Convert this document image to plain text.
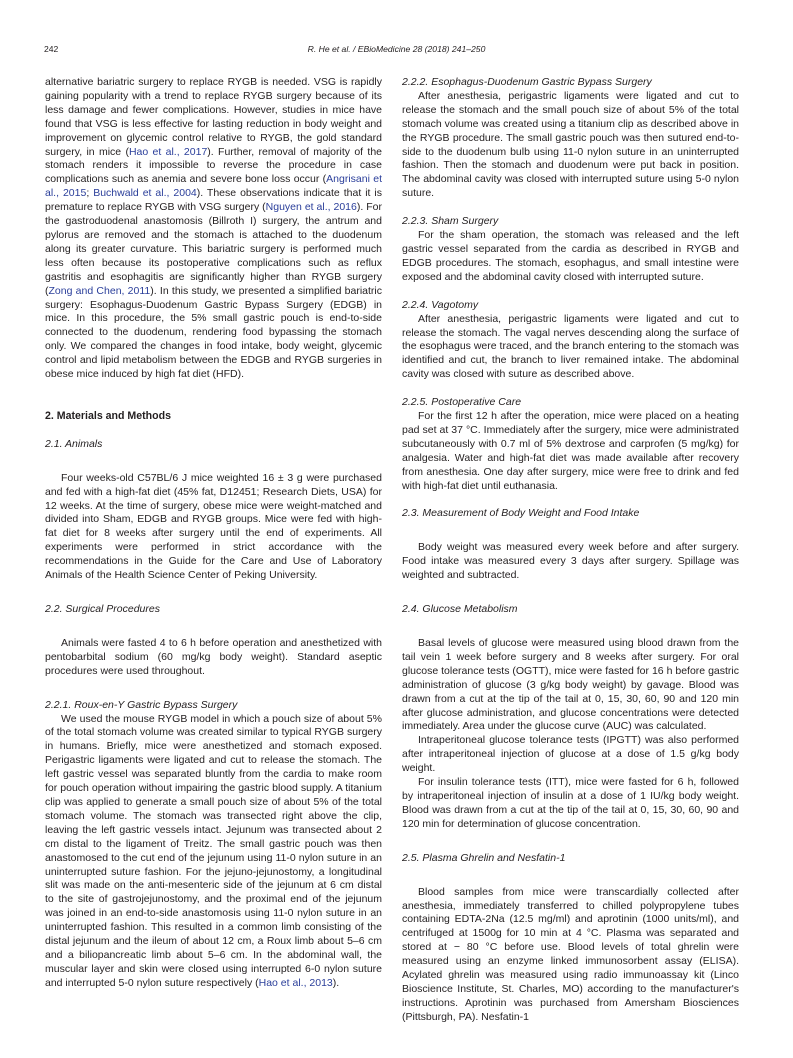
242	R. He et al. / EBioMedicine 28 (2018) 241–250

alternative bariatric surgery to replace RYGB is needed. VSG is rapidly gaining popularity with a trend to replace RYGB surgery because of its less damage and fewer complications. However, studies in mice have found that VSG is less effective for lasting reduction in body weight and improvement on glycemic control relative to RYGB, the gold standard surgery, in mice (Hao et al., 2017). Further, removal of majority of the stomach renders it impossible to reverse the procedure in case complications such as anemia and severe bone loss occur (Angrisani et al., 2015; Buchwald et al., 2004). These observations indicate that it is premature to replace RYGB with VSG surgery (Nguyen et al., 2016). For the gastroduodenal anastomosis (Billroth I) surgery, the antrum and pylorus are removed and the stomach is attached to the duodenum along its greater curvature. This bariatric surgery is performed much less often because its postoperative complications such as reflux gastritis and esophagitis are significantly higher than RYGB surgery (Zong and Chen, 2011). In this study, we presented a simplified bariatric surgery: Esophagus-Duodenum Gastric Bypass Surgery (EDGB) in mice. In this procedure, the 5% small gastric pouch is end-to-side connected to the duodenum, rendering food bypassing the stomach only. We compared the changes in food intake, body weight, glycemic control and lipid metabolism between the EDGB and RYGB surgeries in obese mice induced by high fat diet (HFD).

2. Materials and Methods

2.1. Animals

Four weeks-old C57BL/6 J mice weighted 16 ± 3 g were purchased and fed with a high-fat diet (45% fat, D12451; Research Diets, USA) for 12 weeks. At the time of surgery, obese mice were weight-matched and divided into Sham, EDGB and RYGB groups. Mice were fed with high-fat diet for 8 weeks after surgery until the end of experiments. All experiments were performed in strict accordance with the recommendations in the Guide for the Care and Use of Laboratory Animals of the Health Science Center of Peking University.

2.2. Surgical Procedures

Animals were fasted 4 to 6 h before operation and anesthetized with pentobarbital sodium (60 mg/kg body weight). Standard aseptic procedures were used throughout.

2.2.1. Roux-en-Y Gastric Bypass Surgery

We used the mouse RYGB model in which a pouch size of about 5% of the total stomach volume was created similar to typical RYGB surgery in humans. Briefly, mice were anesthetized and stomach exposed. Perigastric ligaments were ligated and cut to release the stomach. The left gastric vessel was separated bluntly from the cardia to make room for pouch operation without impairing the gastric blood supply. A titanium clip was applied to generate a small pouch size of about 5% of the total stomach volume. The stomach was transected right above the clip, leaving the left gastric vessels intact. Jejunum was transected about 2 cm distal to the ligament of Treitz. The small gastric pouch was then anastomosed to the cut end of the jejunum using 11-0 nylon suture in an uninterrupted suture fashion. For the jejuno-jejunostomy, a longitudinal slit was made on the anti-mesenteric side of the jejunum at 6 cm distal to the site of gastrojejunostomy, and the proximal end of the jejunum was joined in an end-to-side anastomosis using 11-0 nylon suture in an uninterrupted fashion. This resulted in a common limb consisting of the distal jejunum and the ileum of about 12 cm, a Roux limb about 5–6 cm and a biliopancreatic limb about 5–6 cm. In the abdominal wall, the muscular layer and skin were closed using interrupted 6-0 nylon suture and interrupted 5-0 nylon suture respectively (Hao et al., 2013).

2.2.2. Esophagus-Duodenum Gastric Bypass Surgery

After anesthesia, perigastric ligaments were ligated and cut to release the stomach and the small pouch size of about 5% of the total stomach volume was created using a titanium clip as described above in the RYGB procedure. The small gastric pouch was then sutured end-to-side to the duodenum bulb using 11-0 nylon suture in an uninterrupted fashion. Then the stomach and duodenum were put back in position. The abdominal cavity was closed with interrupted suture using 5-0 nylon suture.

2.2.3. Sham Surgery

For the sham operation, the stomach was released and the left gastric vessel separated from the cardia as described in RYGB and EDGB procedures. The stomach, esophagus, and small intestine were exposed and the abdominal cavity closed with interrupted suture.

2.2.4. Vagotomy

After anesthesia, perigastric ligaments were ligated and cut to release the stomach. The vagal nerves descending along the surface of the esophagus were traced, and the branch entering to the stomach was identified and cut, the branch to liver remained intake. The abdominal cavity was closed with suture as described above.

2.2.5. Postoperative Care

For the first 12 h after the operation, mice were placed on a heating pad set at 37 °C. Immediately after the surgery, mice were administrated subcutaneously with 0.7 ml of 5% dextrose and carprofen (5 mg/kg) for analgesia. Water and high-fat diet was made available after recovery from anesthesia. One day after surgery, mice were free to drink and fed with high-fat diet until euthanasia.

2.3. Measurement of Body Weight and Food Intake

Body weight was measured every week before and after surgery. Food intake was measured every 3 days after surgery. Spillage was weighted and subtracted.

2.4. Glucose Metabolism

Basal levels of glucose were measured using blood drawn from the tail vein 1 week before surgery and 8 weeks after surgery. For oral glucose tolerance tests (OGTT), mice were fasted for 16 h before gastric administration of glucose (3 g/kg body weight) by gavage. Blood was drawn from a cut at the tip of the tail at 0, 15, 30, 60, 90 and 120 min after glucose administration, and glucose concentrations were detected immediately. Area under the glucose curve (AUC) was calculated.

Intraperitoneal glucose tolerance tests (IPGTT) was also performed after intraperitoneal injection of glucose at a dose of 1.5 g/kg body weight.

For insulin tolerance tests (ITT), mice were fasted for 6 h, followed by intraperitoneal injection of insulin at a dose of 1 IU/kg body weight. Blood was drawn from a cut at the tip of the tail at 0, 15, 30, 60, 90 and 120 min for determination of glucose concentration.

2.5. Plasma Ghrelin and Nesfatin-1

Blood samples from mice were transcardially collected after anesthesia, immediately transferred to chilled polypropylene tubes containing EDTA-2Na (12.5 mg/ml) and aprotinin (1000 units/ml), and centrifuged at 1500g for 10 min at 4 °C. Plasma was separated and stored at − 80 °C before use. Blood levels of total ghrelin were measured using an enzyme linked immunosorbent assay (ELISA). Acylated ghrelin was measured using radio immunoassay kit (Linco Bioscience Institute, St. Charles, MO) according to the manufacturer's instructions. Aprotinin was purchased from Amersham Biosciences (Pittsburgh, PA). Nesfatin-1
